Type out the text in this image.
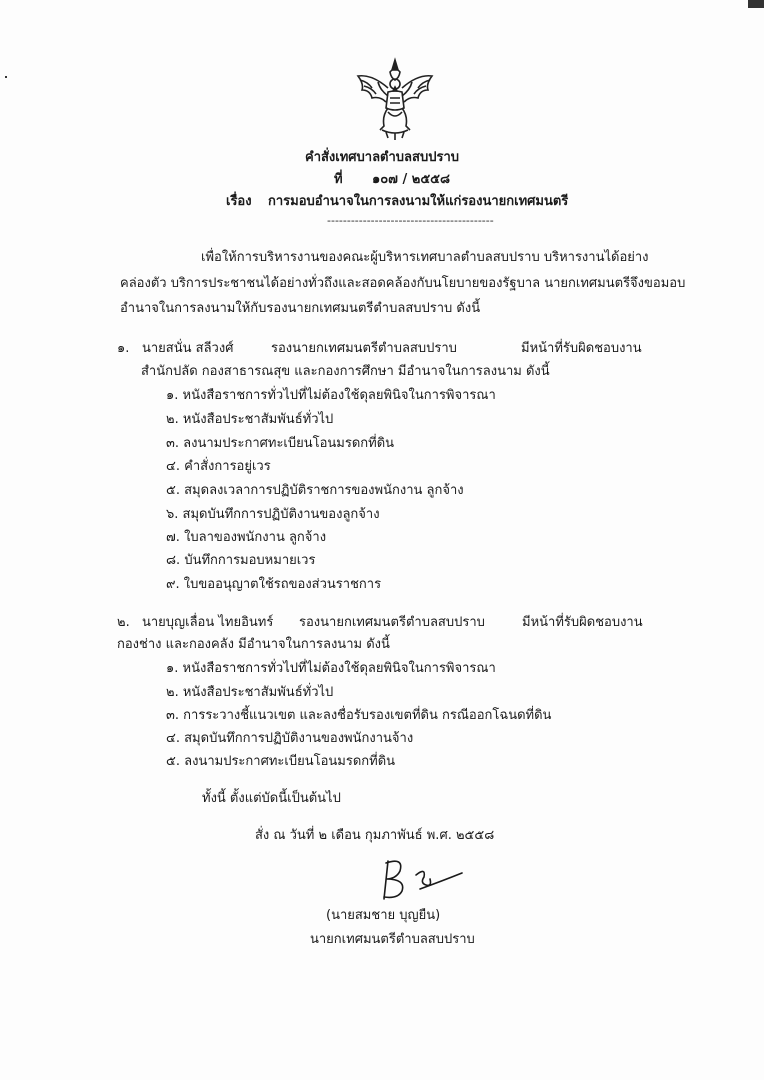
คำสั่งเทศบาลตำบลสบปราบ
ที่ ๑๐๗ / ๒๕๕๘
เรื่อง การมอบอำนาจในการลงนามให้แก่รองนายกเทศมนตรี
------------------------------------------
เพื่อให้การบริหารงานของคณะผู้บริหารเทศบาลตำบลสบปราบ บริหารงานได้อย่าง
คล่องตัว บริการประชาชนได้อย่างทั่วถึงและสอดคล้องกับนโยบายของรัฐบาล นายกเทศมนตรีจึงขอมอบ
อำนาจในการลงนามให้กับรองนายกเทศมนตรีตำบลสบปราบ ดังนี้
๑. นายสนั่น สลีวงศ์	รองนายกเทศมนตรีตำบลสบปราบ	มีหน้าที่รับผิดชอบงาน
สำนักปลัด กองสาธารณสุข และกองการศึกษา มีอำนาจในการลงนาม ดังนี้
๑. หนังสือราชการทั่วไปที่ไม่ต้องใช้ดุลยพินิจในการพิจารณา
๒. หนังสือประชาสัมพันธ์ทั่วไป
๓. ลงนามประกาศทะเบียนโอนมรดกที่ดิน
๔. คำสั่งการอยู่เวร
๕. สมุดลงเวลาการปฏิบัติราชการของพนักงาน ลูกจ้าง
๖. สมุดบันทึกการปฏิบัติงานของลูกจ้าง
๗. ใบลาของพนักงาน ลูกจ้าง
๘. บันทึกการมอบหมายเวร
๙. ใบขออนุญาตใช้รถของส่วนราชการ
๒. นายบุญเลื่อน ไทยอินทร์ รองนายกเทศมนตรีตำบลสบปราบ	มีหน้าที่รับผิดชอบงาน
กองช่าง และกองคลัง มีอำนาจในการลงนาม ดังนี้
๑. หนังสือราชการทั่วไปที่ไม่ต้องใช้ดุลยพินิจในการพิจารณา
๒. หนังสือประชาสัมพันธ์ทั่วไป
๓. การระวางชี้แนวเขต และลงชื่อรับรองเขตที่ดิน กรณีออกโฉนดที่ดิน
๔. สมุดบันทึกการปฏิบัติงานของพนักงานจ้าง
๕. ลงนามประกาศทะเบียนโอนมรดกที่ดิน
ทั้งนี้ ตั้งแต่บัดนี้เป็นต้นไป
สั่ง ณ วันที่ ๒ เดือน กุมภาพันธ์ พ.ศ. ๒๕๕๘
(นายสมชาย บุญยืน)
นายกเทศมนตรีตำบลสบปราบ
